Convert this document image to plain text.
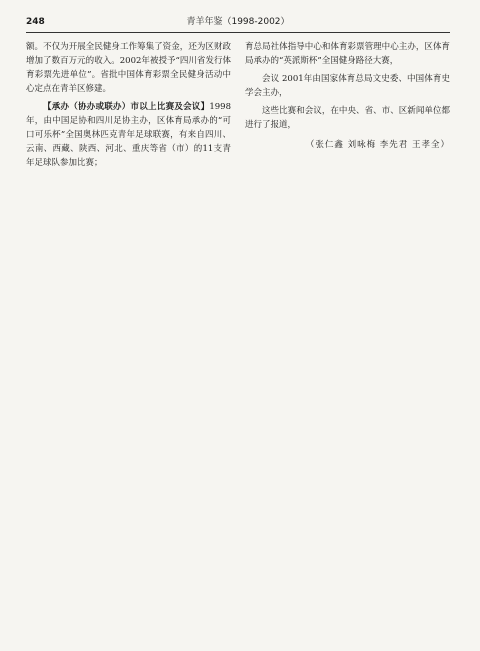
248	青羊年鉴（1998-2002）

额。不仅为开展全民健身工作筹集了资金，还为区财政增加了数百万元的收入。2002年被授予“四川省发行体育彩票先进单位”。省批中国体育彩票全民健身活动中心定点在青羊区修建。

【承办（协办或联办）市以上比赛及会议】1998年，由中国足协和四川足协主办，区体育局承办的“可口可乐杯”全国奥林匹克青年足球联赛，有来自四川、云南、西藏、陕西、河北、重庆等省（市）的11支青年足球队参加比赛；

育总局社体指导中心和体育彩票管理中心主办，区体育局承办的“英派斯杯”全国健身路径大赛，

会议 2001年由国家体育总局文史委、中国体育史学会主办，

这些比赛和会议，在中央、省、市、区新闻单位都进行了报道，

（张仁鑫 刘咏梅 李先君 王孝全）
